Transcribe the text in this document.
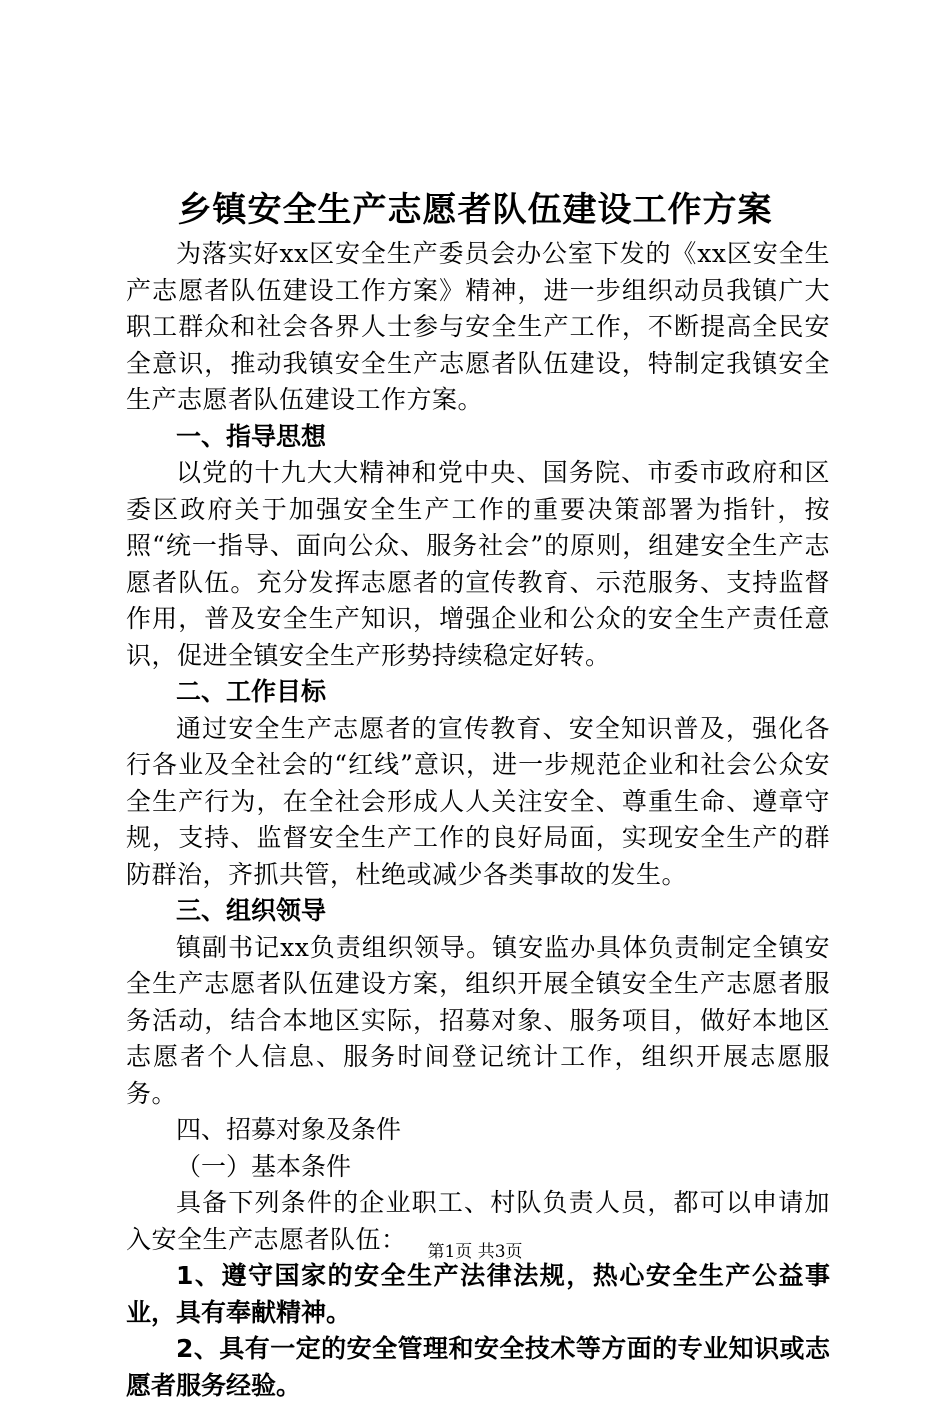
乡镇安全生产志愿者队伍建设工作方案

为落实好xx区安全生产委员会办公室下发的《xx区安全生产志愿者队伍建设工作方案》精神，进一步组织动员我镇广大职工群众和社会各界人士参与安全生产工作，不断提高全民安全意识，推动我镇安全生产志愿者队伍建设，特制定我镇安全生产志愿者队伍建设工作方案。

一、指导思想

以党的十九大大精神和党中央、国务院、市委市政府和区委区政府关于加强安全生产工作的重要决策部署为指针，按照“统一指导、面向公众、服务社会”的原则，组建安全生产志愿者队伍。充分发挥志愿者的宣传教育、示范服务、支持监督作用，普及安全生产知识，增强企业和公众的安全生产责任意识，促进全镇安全生产形势持续稳定好转。

二、工作目标

通过安全生产志愿者的宣传教育、安全知识普及，强化各行各业及全社会的“红线”意识，进一步规范企业和社会公众安全生产行为，在全社会形成人人关注安全、尊重生命、遵章守规，支持、监督安全生产工作的良好局面，实现安全生产的群防群治，齐抓共管，杜绝或减少各类事故的发生。

三、组织领导

镇副书记xx负责组织领导。镇安监办具体负责制定全镇安全生产志愿者队伍建设方案，组织开展全镇安全生产志愿者服务活动，结合本地区实际，招募对象、服务项目，做好本地区志愿者个人信息、服务时间登记统计工作，组织开展志愿服务。

四、招募对象及条件

（一）基本条件

具备下列条件的企业职工、村队负责人员，都可以申请加入安全生产志愿者队伍：

1、遵守国家的安全生产法律法规，热心安全生产公益事业，具有奉献精神。

2、具有一定的安全管理和安全技术等方面的专业知识或志愿者服务经验。

第1页 共3页
